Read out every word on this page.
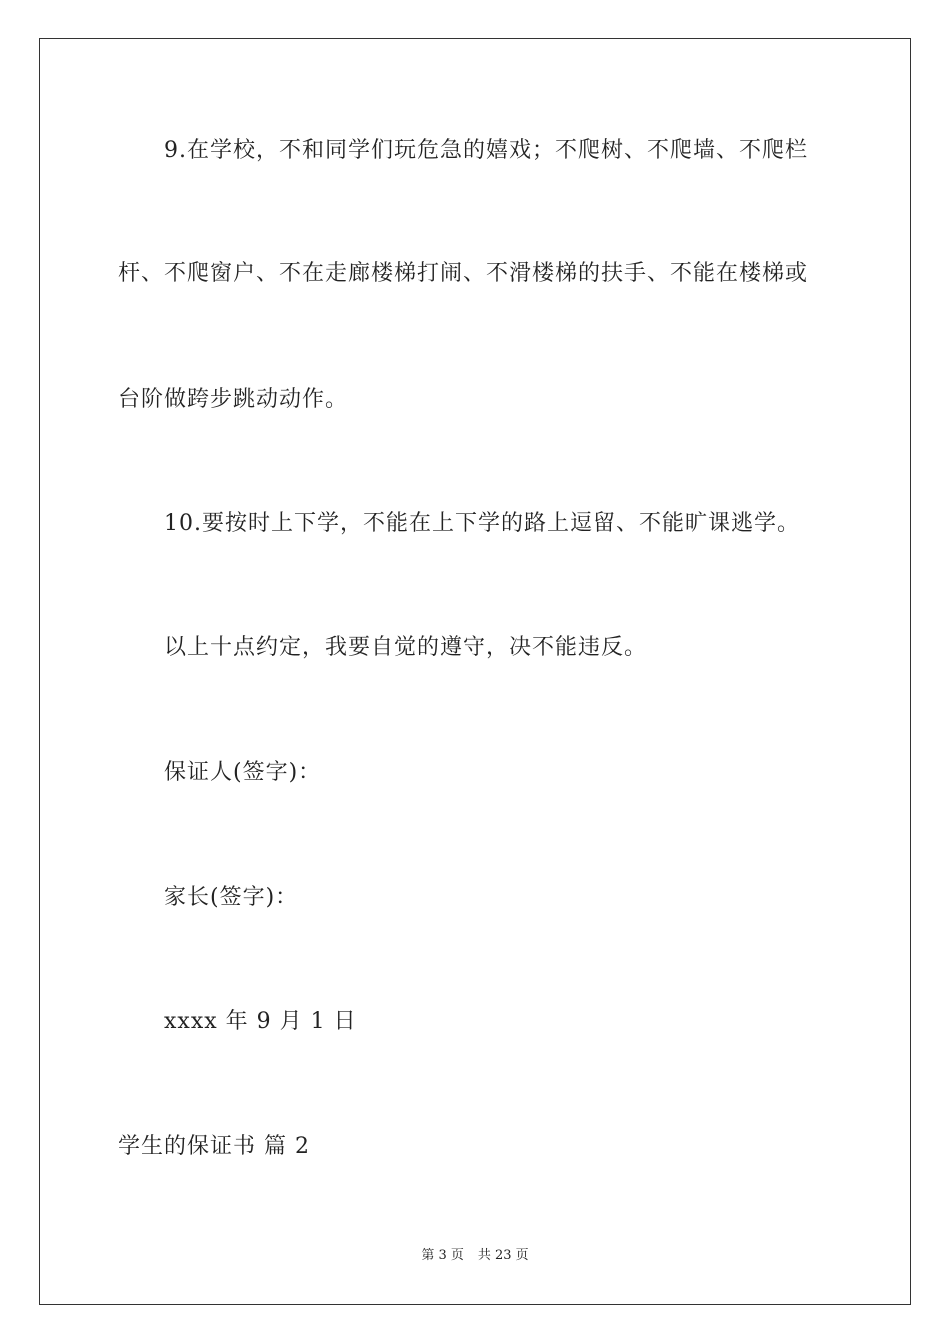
9.在学校，不和同学们玩危急的嬉戏；不爬树、不爬墙、不爬栏
杆、不爬窗户、不在走廊楼梯打闹、不滑楼梯的扶手、不能在楼梯或
台阶做跨步跳动动作。
10.要按时上下学，不能在上下学的路上逗留、不能旷课逃学。
以上十点约定，我要自觉的遵守，决不能违反。
保证人(签字)：
家长(签字)：
xxxx 年 9 月 1 日
学生的保证书 篇 2
第 3 页 共 23 页
